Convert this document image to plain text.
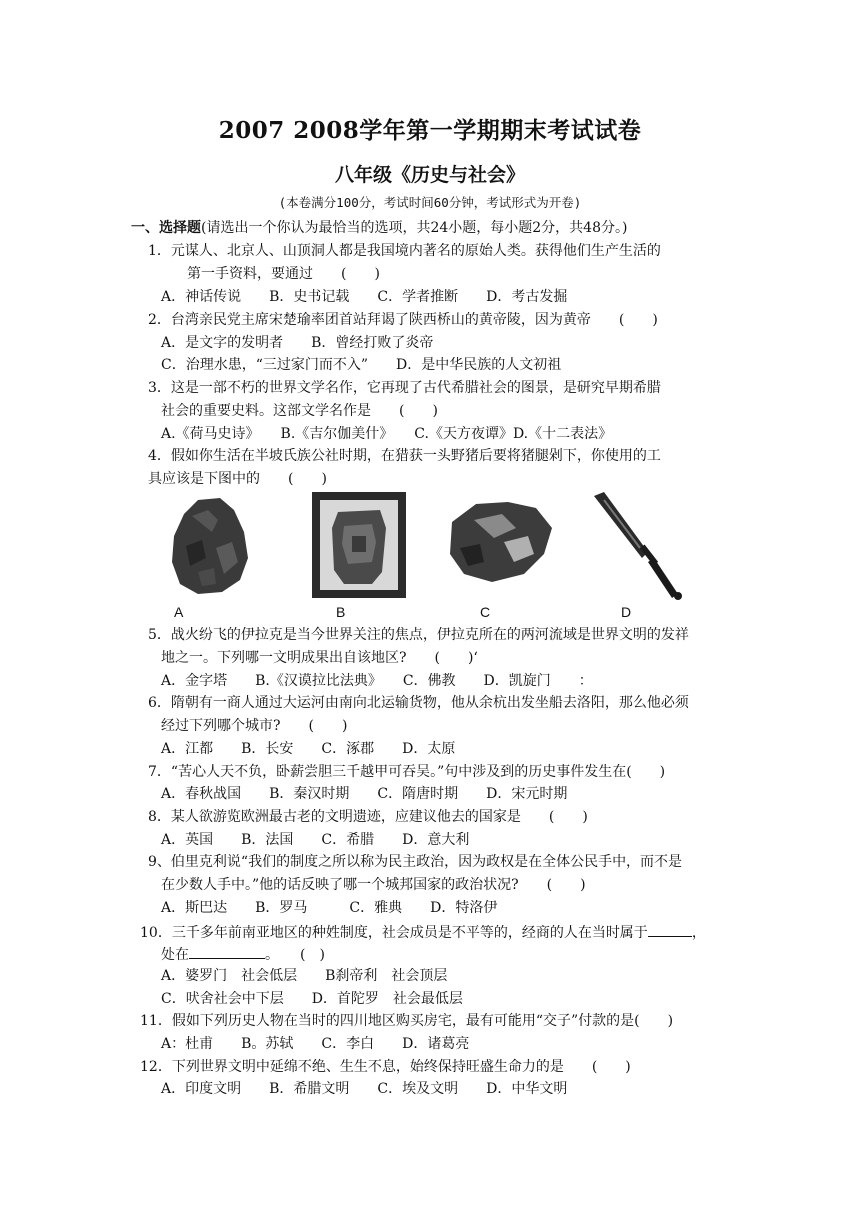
2007 2008学年第一学期期末考试试卷
八年级《历史与社会》
(本卷满分100分，考试时间60分钟，考试形式为开卷)
一、选择题(请选出一个你认为最恰当的选项，共24小题，每小题2分，共48分。)
1．元谋人、北京人、山顶洞人都是我国境内著名的原始人类。获得他们生产生活的
第一手资料，要通过　　(　　)
A．神话传说　　B．史书记载　　C．学者推断　　D．考古发掘
2．台湾亲民党主席宋楚瑜率团首站拜谒了陕西桥山的黄帝陵，因为黄帝　　(　　)
A．是文字的发明者　　B．曾经打败了炎帝
C．治理水患，“三过家门而不入”　　D．是中华民族的人文初祖
3．这是一部不朽的世界文学名作，它再现了古代希腊社会的图景，是研究早期希腊
社会的重要史料。这部文学名作是　　(　　)
A.《荷马史诗》　　B.《吉尔伽美什》　　C.《天方夜谭》D.《十二表法》
4．假如你生活在半坡氏族公社时期，在猎获一头野猪后要将猪腿剁下，你使用的工
具应该是下图中的　　(　　)
A	B	C	D
5．战火纷飞的伊拉克是当今世界关注的焦点，伊拉克所在的两河流域是世界文明的发祥
地之一。下列哪一文明成果出自该地区?　　(　　)‘
A．金字塔　　B.《汉谟拉比法典》　　C．佛教　　D．凯旋门　　：
6．隋朝有一商人通过大运河由南向北运输货物，他从余杭出发坐船去洛阳，那么他必须
经过下列哪个城市?　　(　　)
A．江都　　B．长安　　C．涿郡　　D．太原
7．“苦心人天不负，卧薪尝胆三千越甲可吞吴。”句中涉及到的历史事件发生在(　　)
A．春秋战国　　B．秦汉时期　　C．隋唐时期　　D．宋元时期
8．某人欲游览欧洲最古老的文明遗迹，应建议他去的国家是　　(　　)
A．英国　　B．法国　　C．希腊　　D．意大利
9、伯里克利说“我们的制度之所以称为民主政治，因为政权是在全体公民手中，而不是
在少数人手中。”他的话反映了哪一个城邦国家的政治状况?　　(　　)
A．斯巴达　　B．罗马　　　C．雅典　　D．特洛伊
10．三千多年前南亚地区的种姓制度，社会成员是不平等的，经商的人在当时属于	，
处在	。　　(　)
A．婆罗门　社会低层　　B刹帝利　社会顶层
C．吠舍社会中下层　　D．首陀罗　社会最低层
11．假如下列历史人物在当时的四川地区购买房宅，最有可能用“交子”付款的是(　　)
A：杜甫　　B。苏轼　　C．李白　　D．诸葛亮
12．下列世界文明中延绵不绝、生生不息，始终保持旺盛生命力的是　　(　　)
A．印度文明　　B．希腊文明　　C．埃及文明　　D．中华文明
